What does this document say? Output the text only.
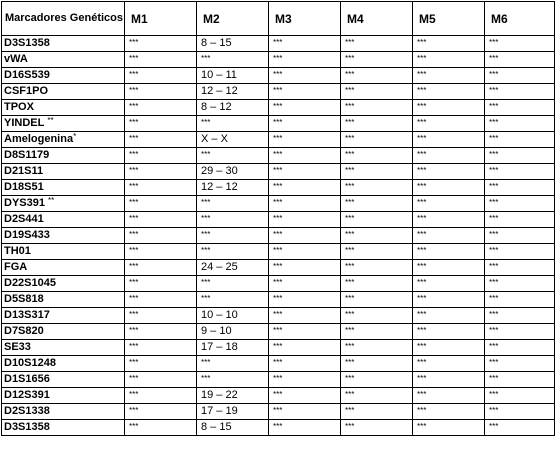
Marcadores Genéticos	M1	M2	M3	M4	M5	M6
D3S1358	***	8 – 15	***	***	***	***
vWA	***	***	***	***	***	***
D16S539	***	10 – 11	***	***	***	***
CSF1PO	***	12 – 12	***	***	***	***
TPOX	***	8 – 12	***	***	***	***
YINDEL **	***	***	***	***	***	***
Amelogenina*	***	X – X	***	***	***	***
D8S1179	***	***	***	***	***	***
D21S11	***	29 – 30	***	***	***	***
D18S51	***	12 – 12	***	***	***	***
DYS391 **	***	***	***	***	***	***
D2S441	***	***	***	***	***	***
D19S433	***	***	***	***	***	***
TH01	***	***	***	***	***	***
FGA	***	24 – 25	***	***	***	***
D22S1045	***	***	***	***	***	***
D5S818	***	***	***	***	***	***
D13S317	***	10 – 10	***	***	***	***
D7S820	***	9 – 10	***	***	***	***
SE33	***	17 – 18	***	***	***	***
D10S1248	***	***	***	***	***	***
D1S1656	***	***	***	***	***	***
D12S391	***	19 – 22	***	***	***	***
D2S1338	***	17 – 19	***	***	***	***
D3S1358	***	8 – 15	***	***	***	***
